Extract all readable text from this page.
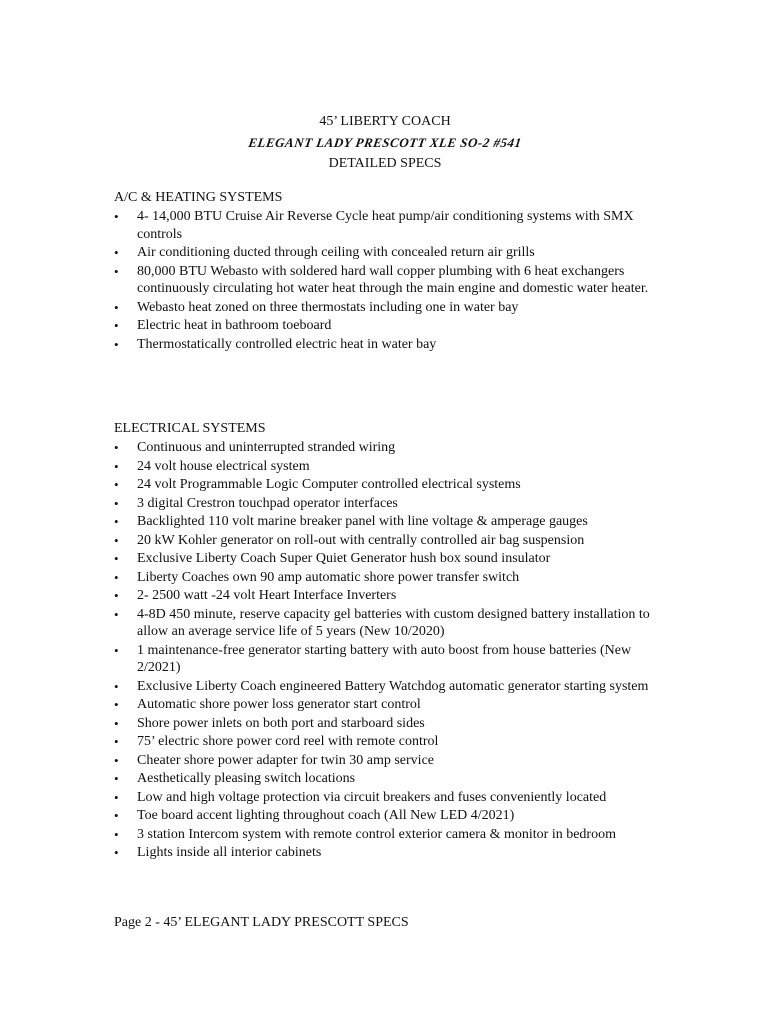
45’ LIBERTY COACH
ELEGANT LADY PRESCOTT XLE SO-2 #541
DETAILED SPECS
A/C & HEATING SYSTEMS
• 4- 14,000 BTU Cruise Air Reverse Cycle heat pump/air conditioning systems with SMX controls
• Air conditioning ducted through ceiling with concealed return air grills
• 80,000 BTU Webasto with soldered hard wall copper plumbing with 6 heat exchangers continuously circulating hot water heat through the main engine and domestic water heater.
• Webasto heat zoned on three thermostats including one in water bay
• Electric heat in bathroom toeboard
• Thermostatically controlled electric heat in water bay
ELECTRICAL SYSTEMS
• Continuous and uninterrupted stranded wiring
• 24 volt house electrical system
• 24 volt Programmable Logic Computer controlled electrical systems
• 3 digital Crestron touchpad operator interfaces
• Backlighted 110 volt marine breaker panel with line voltage & amperage gauges
• 20 kW Kohler generator on roll-out with centrally controlled air bag suspension
• Exclusive Liberty Coach Super Quiet Generator hush box sound insulator
• Liberty Coaches own 90 amp automatic shore power transfer switch
• 2- 2500 watt -24 volt Heart Interface Inverters
• 4-8D 450 minute, reserve capacity gel batteries with custom designed battery installation to allow an average service life of 5 years (New 10/2020)
• 1 maintenance-free generator starting battery with auto boost from house batteries (New 2/2021)
• Exclusive Liberty Coach engineered Battery Watchdog automatic generator starting system
• Automatic shore power loss generator start control
• Shore power inlets on both port and starboard sides
• 75’ electric shore power cord reel with remote control
• Cheater shore power adapter for twin 30 amp service
• Aesthetically pleasing switch locations
• Low and high voltage protection via circuit breakers and fuses conveniently located
• Toe board accent lighting throughout coach (All New LED 4/2021)
• 3 station Intercom system with remote control exterior camera & monitor in bedroom
• Lights inside all interior cabinets
Page 2 - 45’ ELEGANT LADY PRESCOTT SPECS
